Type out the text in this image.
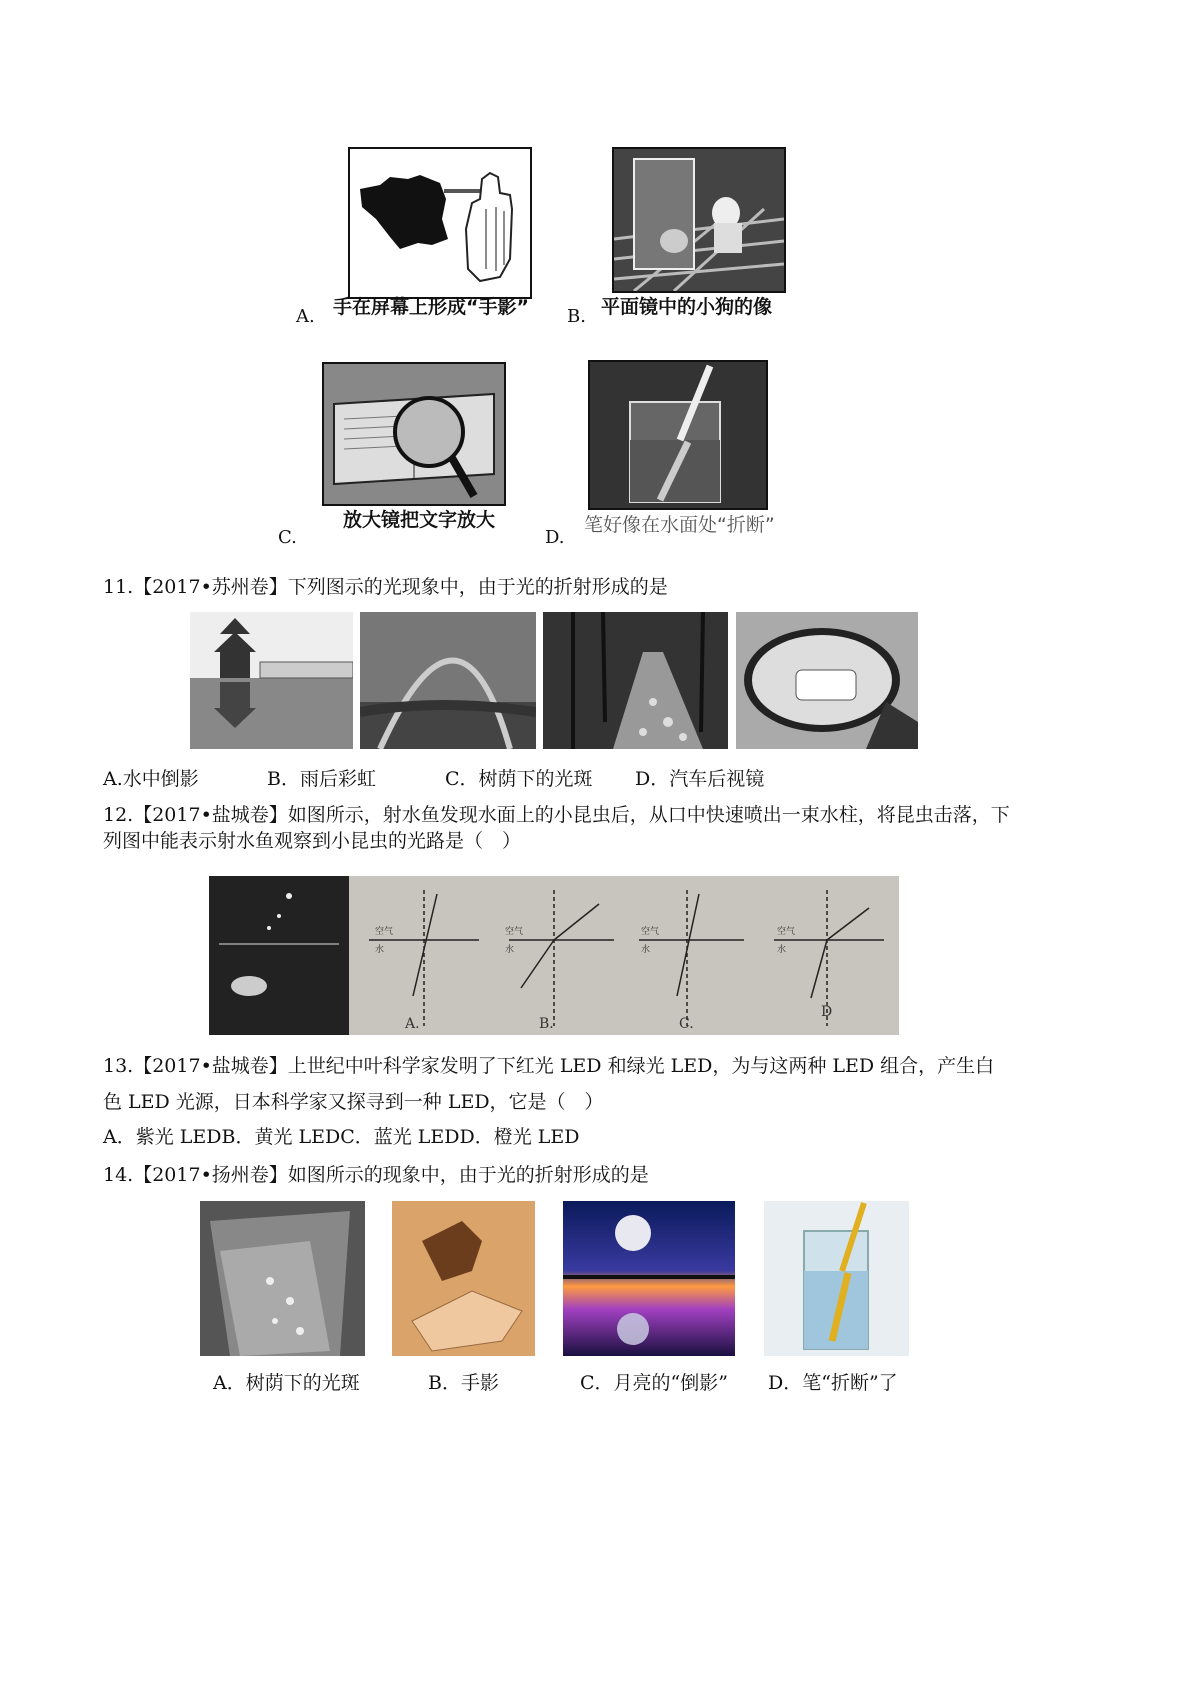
A. 手在屏幕上形成“手影” B. 平面镜中的小狗的像
C.
放大镜把文字放大
D.
笔好像在水面处“折断”
11.【2017•苏州卷】下列图示的光现象中，由于光的折射形成的是
A.水中倒影	B．雨后彩虹	C．树荫下的光斑 D．汽车后视镜
12.【2017•盐城卷】如图所示，射水鱼发现水面上的小昆虫后，从口中快速喷出一束水柱，将昆虫击落，下列图中能表示射水鱼观察到小昆虫的光路是（　）
空气
水
空气
水
空气
水
空气
水
A.	B.	C.
D
13.【2017•盐城卷】上世纪中叶科学家发明了下红光 LED 和绿光 LED，为与这两种 LED 组合，产生白色 LED 光源，日本科学家又探寻到一种 LED，它是（　）
A．紫光 LEDB．黄光 LEDC．蓝光 LEDD．橙光 LED
14.【2017•扬州卷】如图所示的现象中，由于光的折射形成的是
A．树荫下的光斑	B．手影	C．月亮的“倒影” D．笔“折断”了
